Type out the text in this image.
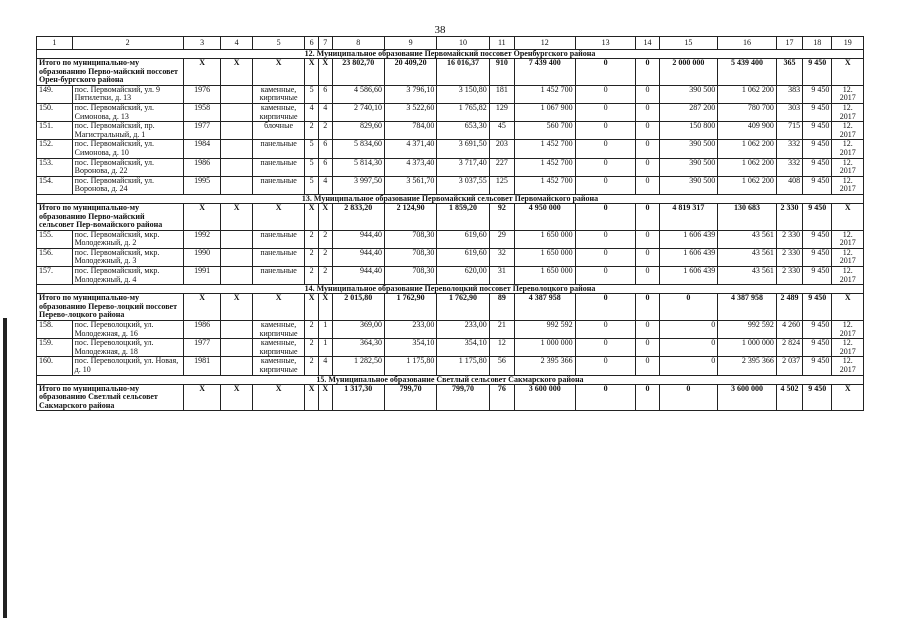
38
1	2	3	4	5	6	7	8	9	10	11	12	13	14	15	16	17	18	19
12. Муниципальное образование Первомайский поссовет Оренбургского района																		
Итого по муниципально-му образованию Перво-майский поссовет Орен-бургского района		X	X	X	X	X	23 802,70	20 409,20	16 016,37	910	7 439 400	0	0	2 000 000	5 439 400	365	9 450	X
149.	пос. Первомайский, ул. 9 Пятилетки, д. 13	1976		каменные, кирпичные	5	6	4 586,60	3 796,10	3 150,80	181	1 452 700	0	0	390 500	1 062 200	383	9 450	12. 2017
150.	пос. Первомайский, ул. Симонова, д. 13	1958		каменные, кирпичные	4	4	2 740,10	3 522,60	1 765,82	129	1 067 900	0	0	287 200	780 700	303	9 450	12. 2017
151.	пос. Первомайский, пр. Магистральный, д. 1	1977		блочные	2	2	829,60	784,00	653,30	45	560 700	0	0	150 800	409 900	715	9 450	12. 2017
152.	пос. Первомайский, ул. Симонова, д. 10	1984		панельные	5	6	5 834,60	4 371,40	3 691,50	203	1 452 700	0	0	390 500	1 062 200	332	9 450	12. 2017
153.	пос. Первомайский, ул. Воронова, д. 22	1986		панельные	5	6	5 814,30	4 373,40	3 717,40	227	1 452 700	0	0	390 500	1 062 200	332	9 450	12. 2017
154.	пос. Первомайский, ул. Воронова, д. 24	1995		панельные	5	4	3 997,50	3 561,70	3 037,55	125	1 452 700	0	0	390 500	1 062 200	408	9 450	12. 2017
13. Муниципальное образование Первомайский сельсовет Первомайского района																		
Итого по муниципально-му образованию Перво-майский сельсовет Пер-вомайского района		X	X	X	X	X	2 833,20	2 124,90	1 859,20	92	4 950 000	0	0	4 819 317	130 683	2 330	9 450	X
155.	пос. Первомайский, мкр. Молодежный, д. 2	1992		панельные	2	2	944,40	708,30	619,60	29	1 650 000	0	0	1 606 439	43 561	2 330	9 450	12. 2017
156.	пос. Первомайский, мкр. Молодежный, д. 3	1990		панельные	2	2	944,40	708,30	619,60	32	1 650 000	0	0	1 606 439	43 561	2 330	9 450	12. 2017
157.	пос. Первомайский, мкр. Молодежный, д. 4	1991		панельные	2	2	944,40	708,30	620,00	31	1 650 000	0	0	1 606 439	43 561	2 330	9 450	12. 2017
14. Муниципальное образование Переволоцкий поссовет Переволоцкого района																		
Итого по муниципально-му образованию Перево-лоцкий поссовет Перево-лоцкого района		X	X	X	X	X	2 015,80	1 762,90	1 762,90	89	4 387 958	0	0	0	4 387 958	2 489	9 450	X
158.	пос. Переволоцкий, ул. Молодежная, д. 16	1986		каменные, кирпичные	2	1	369,00	233,00	233,00	21	992 592	0	0	0	992 592	4 260	9 450	12. 2017
159.	пос. Переволоцкий, ул. Молодежная, д. 18	1977		каменные, кирпичные	2	1	364,30	354,10	354,10	12	1 000 000	0	0	0	1 000 000	2 824	9 450	12. 2017
160.	пос. Переволоцкий, ул. Новая, д. 10	1981		каменные, кирпичные	2	4	1 282,50	1 175,80	1 175,80	56	2 395 366	0	0	0	2 395 366	2 037	9 450	12. 2017
15. Муниципальное образование Светлый сельсовет Сакмарского района																		
Итого по муниципально-му образованию Светлый сельсовет Сакмарского района		X	X	X	X	X	1 317,30	799,70	799,70	76	3 600 000	0	0	0	3 600 000	4 502	9 450	X
